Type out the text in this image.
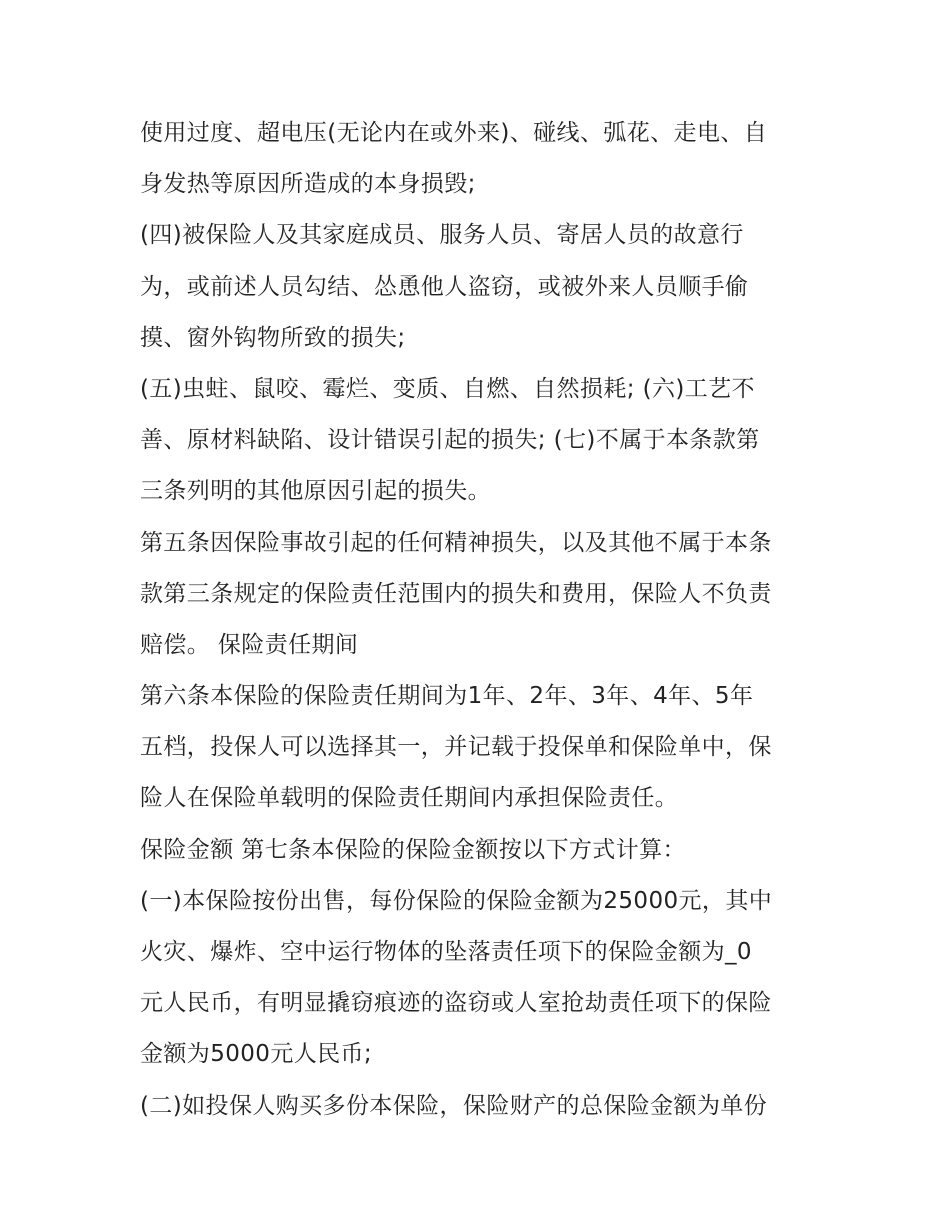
使用过度、超电压(无论内在或外来)、碰线、弧花、走电、自
身发热等原因所造成的本身损毁;
(四)被保险人及其家庭成员、服务人员、寄居人员的故意行
为，或前述人员勾结、怂恿他人盗窃，或被外来人员顺手偷
摸、窗外钩物所致的损失;
(五)虫蛀、鼠咬、霉烂、变质、自燃、自然损耗; (六)工艺不
善、原材料缺陷、设计错误引起的损失; (七)不属于本条款第
三条列明的其他原因引起的损失。
第五条因保险事故引起的任何精神损失，以及其他不属于本条
款第三条规定的保险责任范围内的损失和费用，保险人不负责
赔偿。 保险责任期间
第六条本保险的保险责任期间为1年、2年、3年、4年、5年
五档，投保人可以选择其一，并记载于投保单和保险单中，保
险人在保险单载明的保险责任期间内承担保险责任。
保险金额 第七条本保险的保险金额按以下方式计算：
(一)本保险按份出售，每份保险的保险金额为25000元，其中
火灾、爆炸、空中运行物体的坠落责任项下的保险金额为_0
元人民币，有明显撬窃痕迹的盗窃或人室抢劫责任项下的保险
金额为5000元人民币;
(二)如投保人购买多份本保险，保险财产的总保险金额为单份
